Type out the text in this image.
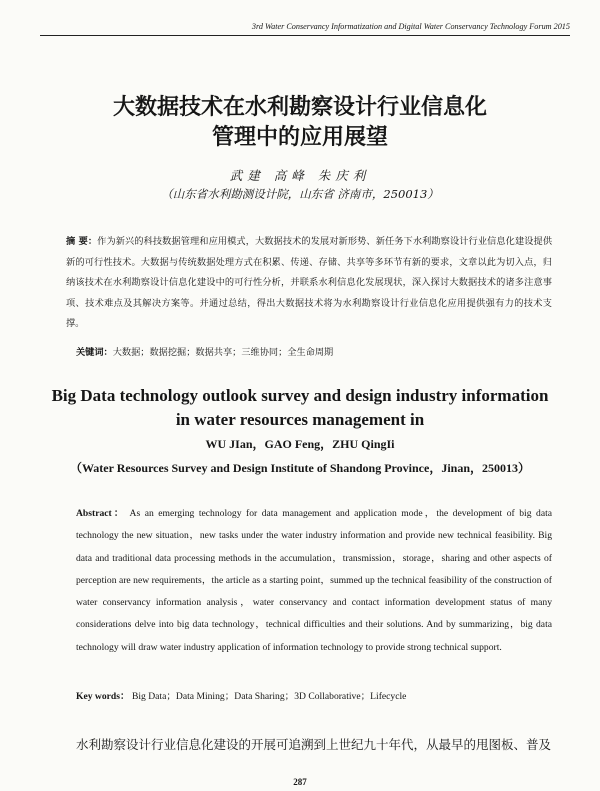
3rd Water Conservancy Informatization and Digital Water Conservancy Technology Forum 2015
大数据技术在水利勘察设计行业信息化
管理中的应用展望
武建 高峰 朱庆利
（山东省水利勘测设计院，山东省 济南市，250013）
摘 要：作为新兴的科技数据管理和应用模式，大数据技术的发展对新形势、新任务下水利勘察设计行业信息化建设提供新的可行性技术。大数据与传统数据处理方式在积累、传递、存储、共享等多环节有新的要求，文章以此为切入点，归纳该技术在水利勘察设计信息化建设中的可行性分析，并联系水利信息化发展现状，深入探讨大数据技术的诸多注意事项、技术难点及其解决方案等。并通过总结，得出大数据技术将为水利勘察设计行业信息化应用提供强有力的技术支撑。
关键词：大数据；数据挖掘；数据共享；三维协同；全生命周期
Big Data technology outlook survey and design industry information
in water resources management in
WU JIan，GAO Feng，ZHU QingIi
（Water Resources Survey and Design Institute of Shandong Province，Jinan，250013）
Abstract： As an emerging technology for data management and application mode，the development of big data technology the new situation，new tasks under the water industry information and provide new technical feasibility. Big data and traditional data processing methods in the accumulation，transmission，storage，sharing and other aspects of perception are new requirements，the article as a starting point，summed up the technical feasibility of the construction of water conservancy information analysis，water conservancy and contact information development status of many considerations delve into big data technology，technical difficulties and their solutions. And by summarizing，big data technology will draw water industry application of information technology to provide strong technical support.
Key words： Big Data；Data Mining；Data Sharing；3D Collaborative；Lifecycle
水利勘察设计行业信息化建设的开展可追溯到上世纪九十年代，从最早的甩图板、普及
287
